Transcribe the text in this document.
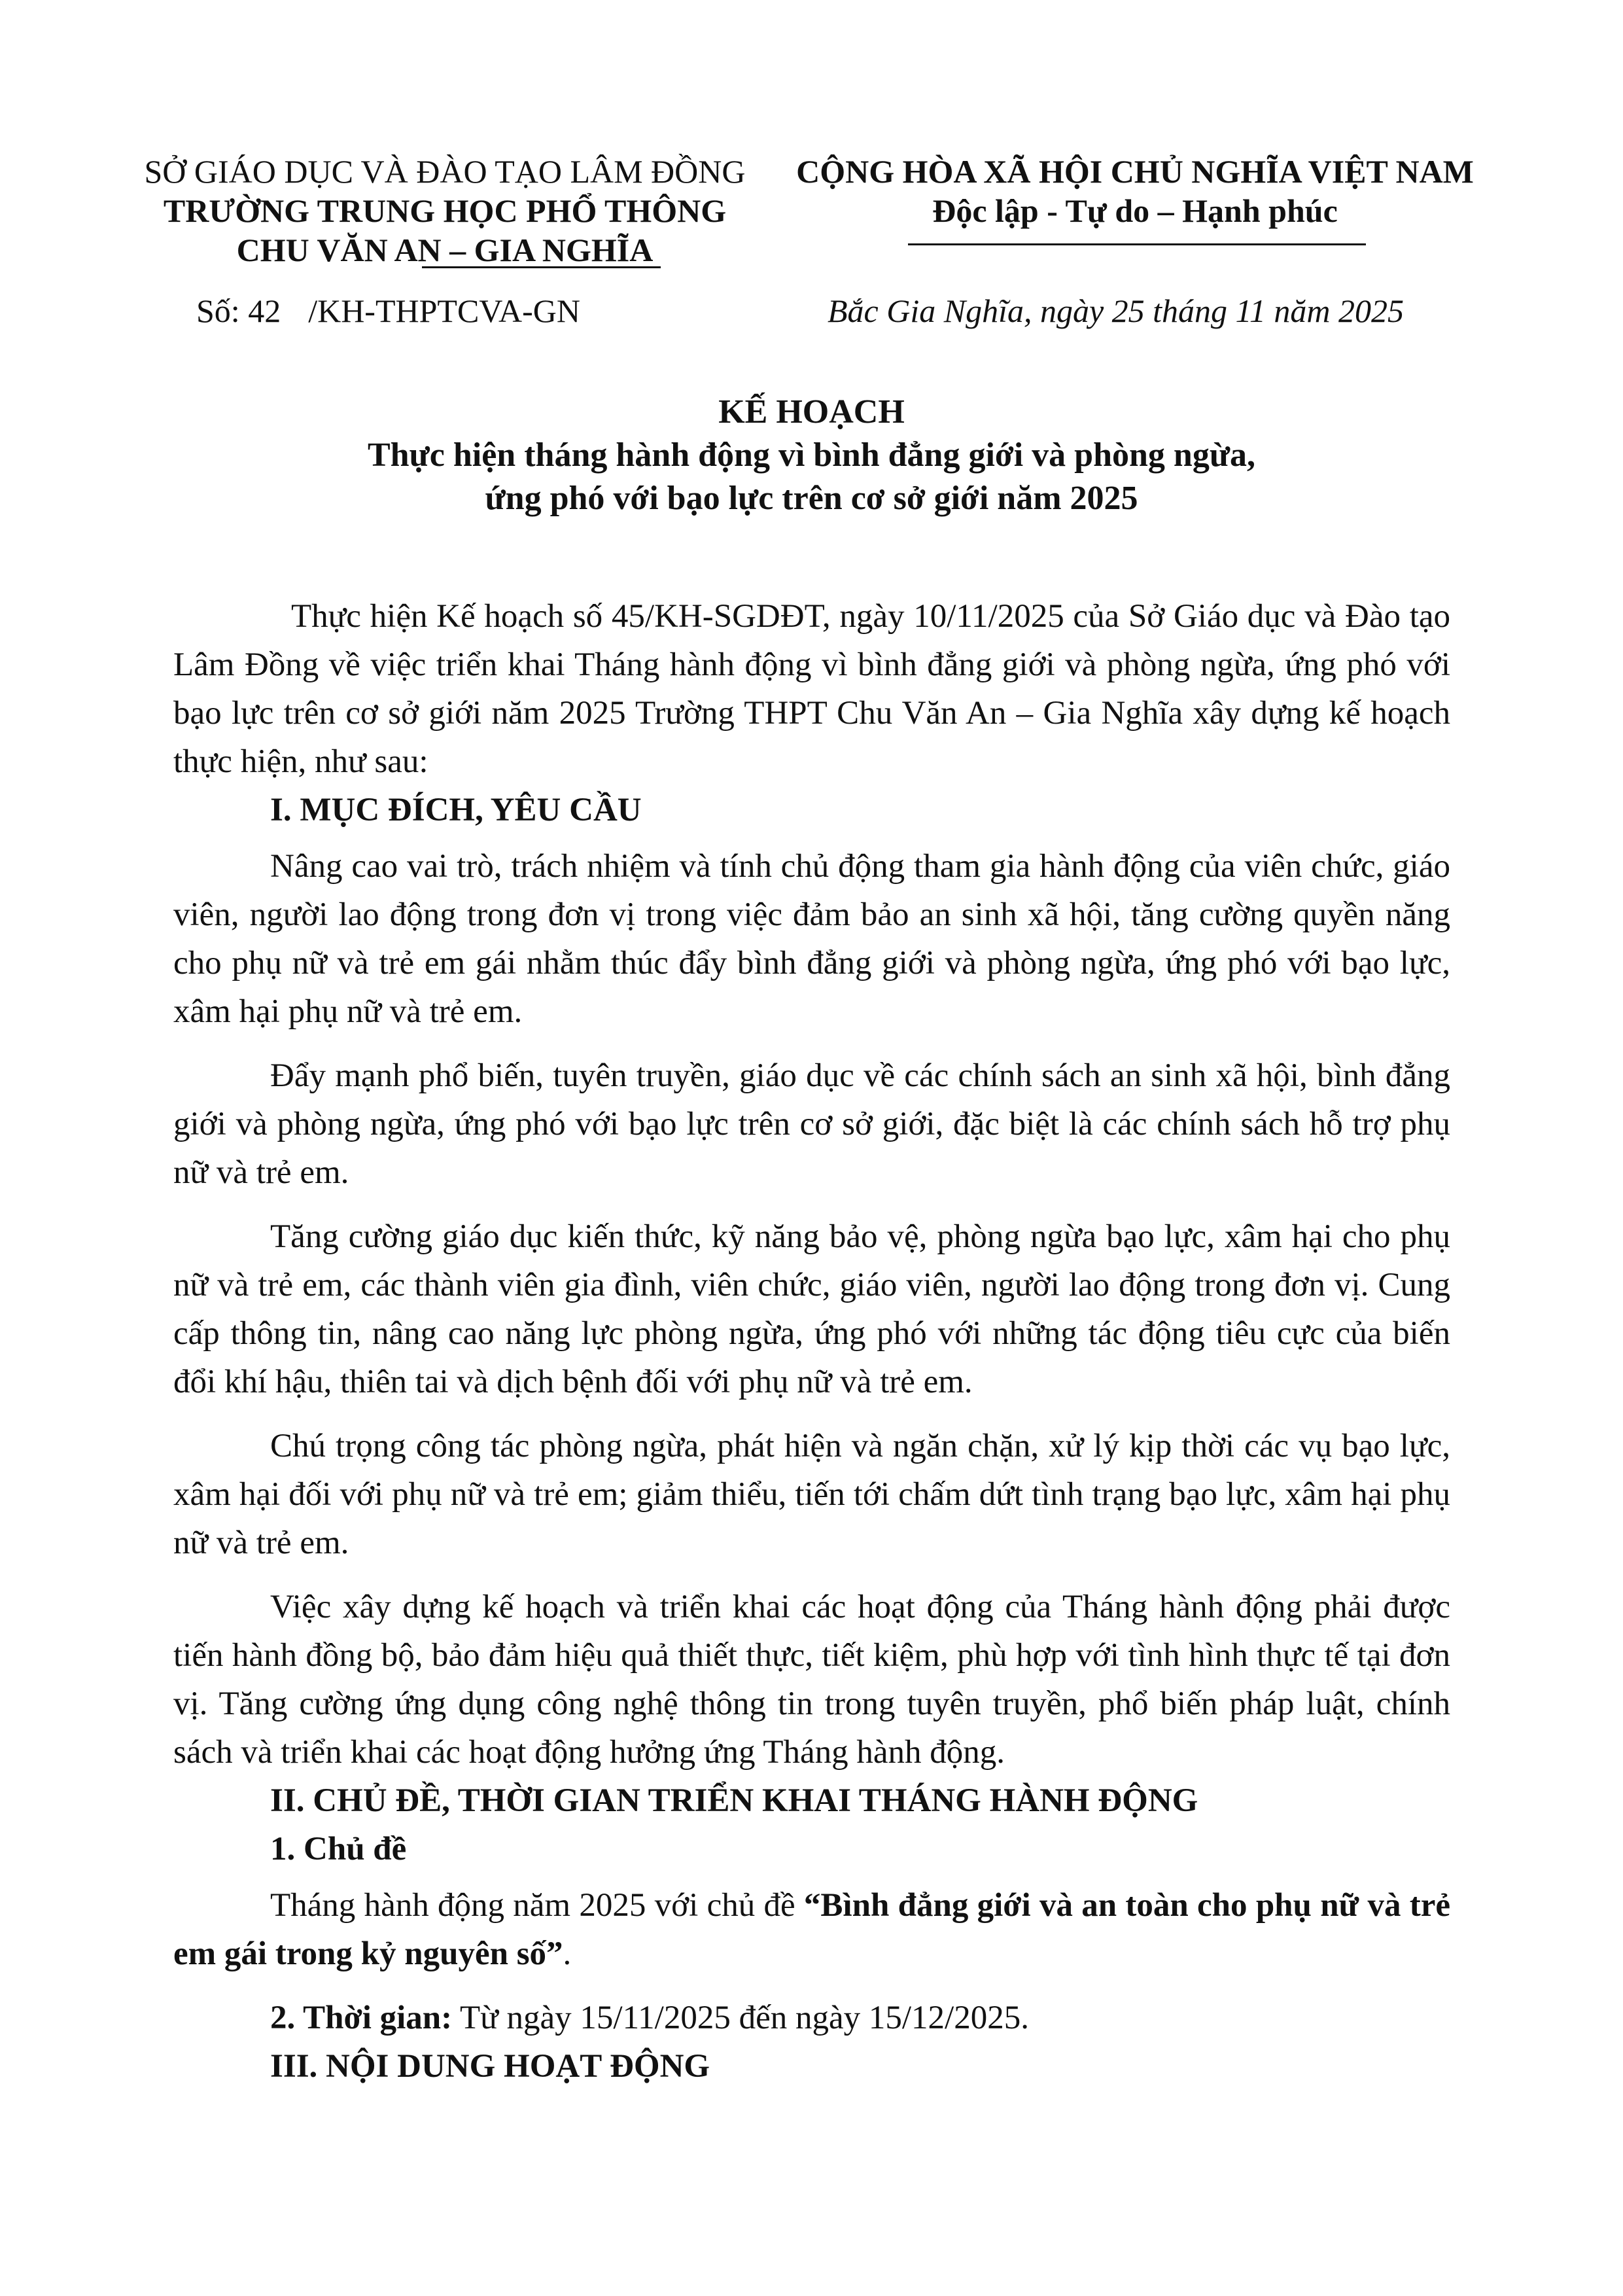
SỞ GIÁO DỤC VÀ ĐÀO TẠO LÂM ĐỒNG
TRƯỜNG TRUNG HỌC PHỔ THÔNG
CHU VĂN AN – GIA NGHĨA
CỘNG HÒA XÃ HỘI CHỦ NGHĨA VIỆT NAM
Độc lập - Tự do – Hạnh phúc
Số: 42 /KH-THPTCVA-GN	Bắc Gia Nghĩa, ngày 25 tháng 11 năm 2025
KẾ HOẠCH
Thực hiện tháng hành động vì bình đẳng giới và phòng ngừa,
ứng phó với bạo lực trên cơ sở giới năm 2025

Thực hiện Kế hoạch số 45/KH-SGDĐT, ngày 10/11/2025 của Sở Giáo dục và Đào tạo Lâm Đồng về việc triển khai Tháng hành động vì bình đẳng giới và phòng ngừa, ứng phó với bạo lực trên cơ sở giới năm 2025 Trường THPT Chu Văn An – Gia Nghĩa xây dựng kế hoạch thực hiện, như sau:

I. MỤC ĐÍCH, YÊU CẦU

Nâng cao vai trò, trách nhiệm và tính chủ động tham gia hành động của viên chức, giáo viên, người lao động trong đơn vị trong việc đảm bảo an sinh xã hội, tăng cường quyền năng cho phụ nữ và trẻ em gái nhằm thúc đẩy bình đẳng giới và phòng ngừa, ứng phó với bạo lực, xâm hại phụ nữ và trẻ em.

Đẩy mạnh phổ biến, tuyên truyền, giáo dục về các chính sách an sinh xã hội, bình đẳng giới và phòng ngừa, ứng phó với bạo lực trên cơ sở giới, đặc biệt là các chính sách hỗ trợ phụ nữ và trẻ em.

Tăng cường giáo dục kiến thức, kỹ năng bảo vệ, phòng ngừa bạo lực, xâm hại cho phụ nữ và trẻ em, các thành viên gia đình, viên chức, giáo viên, người lao động trong đơn vị. Cung cấp thông tin, nâng cao năng lực phòng ngừa, ứng phó với những tác động tiêu cực của biến đổi khí hậu, thiên tai và dịch bệnh đối với phụ nữ và trẻ em.

Chú trọng công tác phòng ngừa, phát hiện và ngăn chặn, xử lý kịp thời các vụ bạo lực, xâm hại đối với phụ nữ và trẻ em; giảm thiểu, tiến tới chấm dứt tình trạng bạo lực, xâm hại phụ nữ và trẻ em.

Việc xây dựng kế hoạch và triển khai các hoạt động của Tháng hành động phải được tiến hành đồng bộ, bảo đảm hiệu quả thiết thực, tiết kiệm, phù hợp với tình hình thực tế tại đơn vị. Tăng cường ứng dụng công nghệ thông tin trong tuyên truyền, phổ biến pháp luật, chính sách và triển khai các hoạt động hưởng ứng Tháng hành động.

II. CHỦ ĐỀ, THỜI GIAN TRIỂN KHAI THÁNG HÀNH ĐỘNG
1. Chủ đề

Tháng hành động năm 2025 với chủ đề “Bình đẳng giới và an toàn cho phụ nữ và trẻ em gái trong kỷ nguyên số”.

2. Thời gian: Từ ngày 15/11/2025 đến ngày 15/12/2025.

III. NỘI DUNG HOẠT ĐỘNG
